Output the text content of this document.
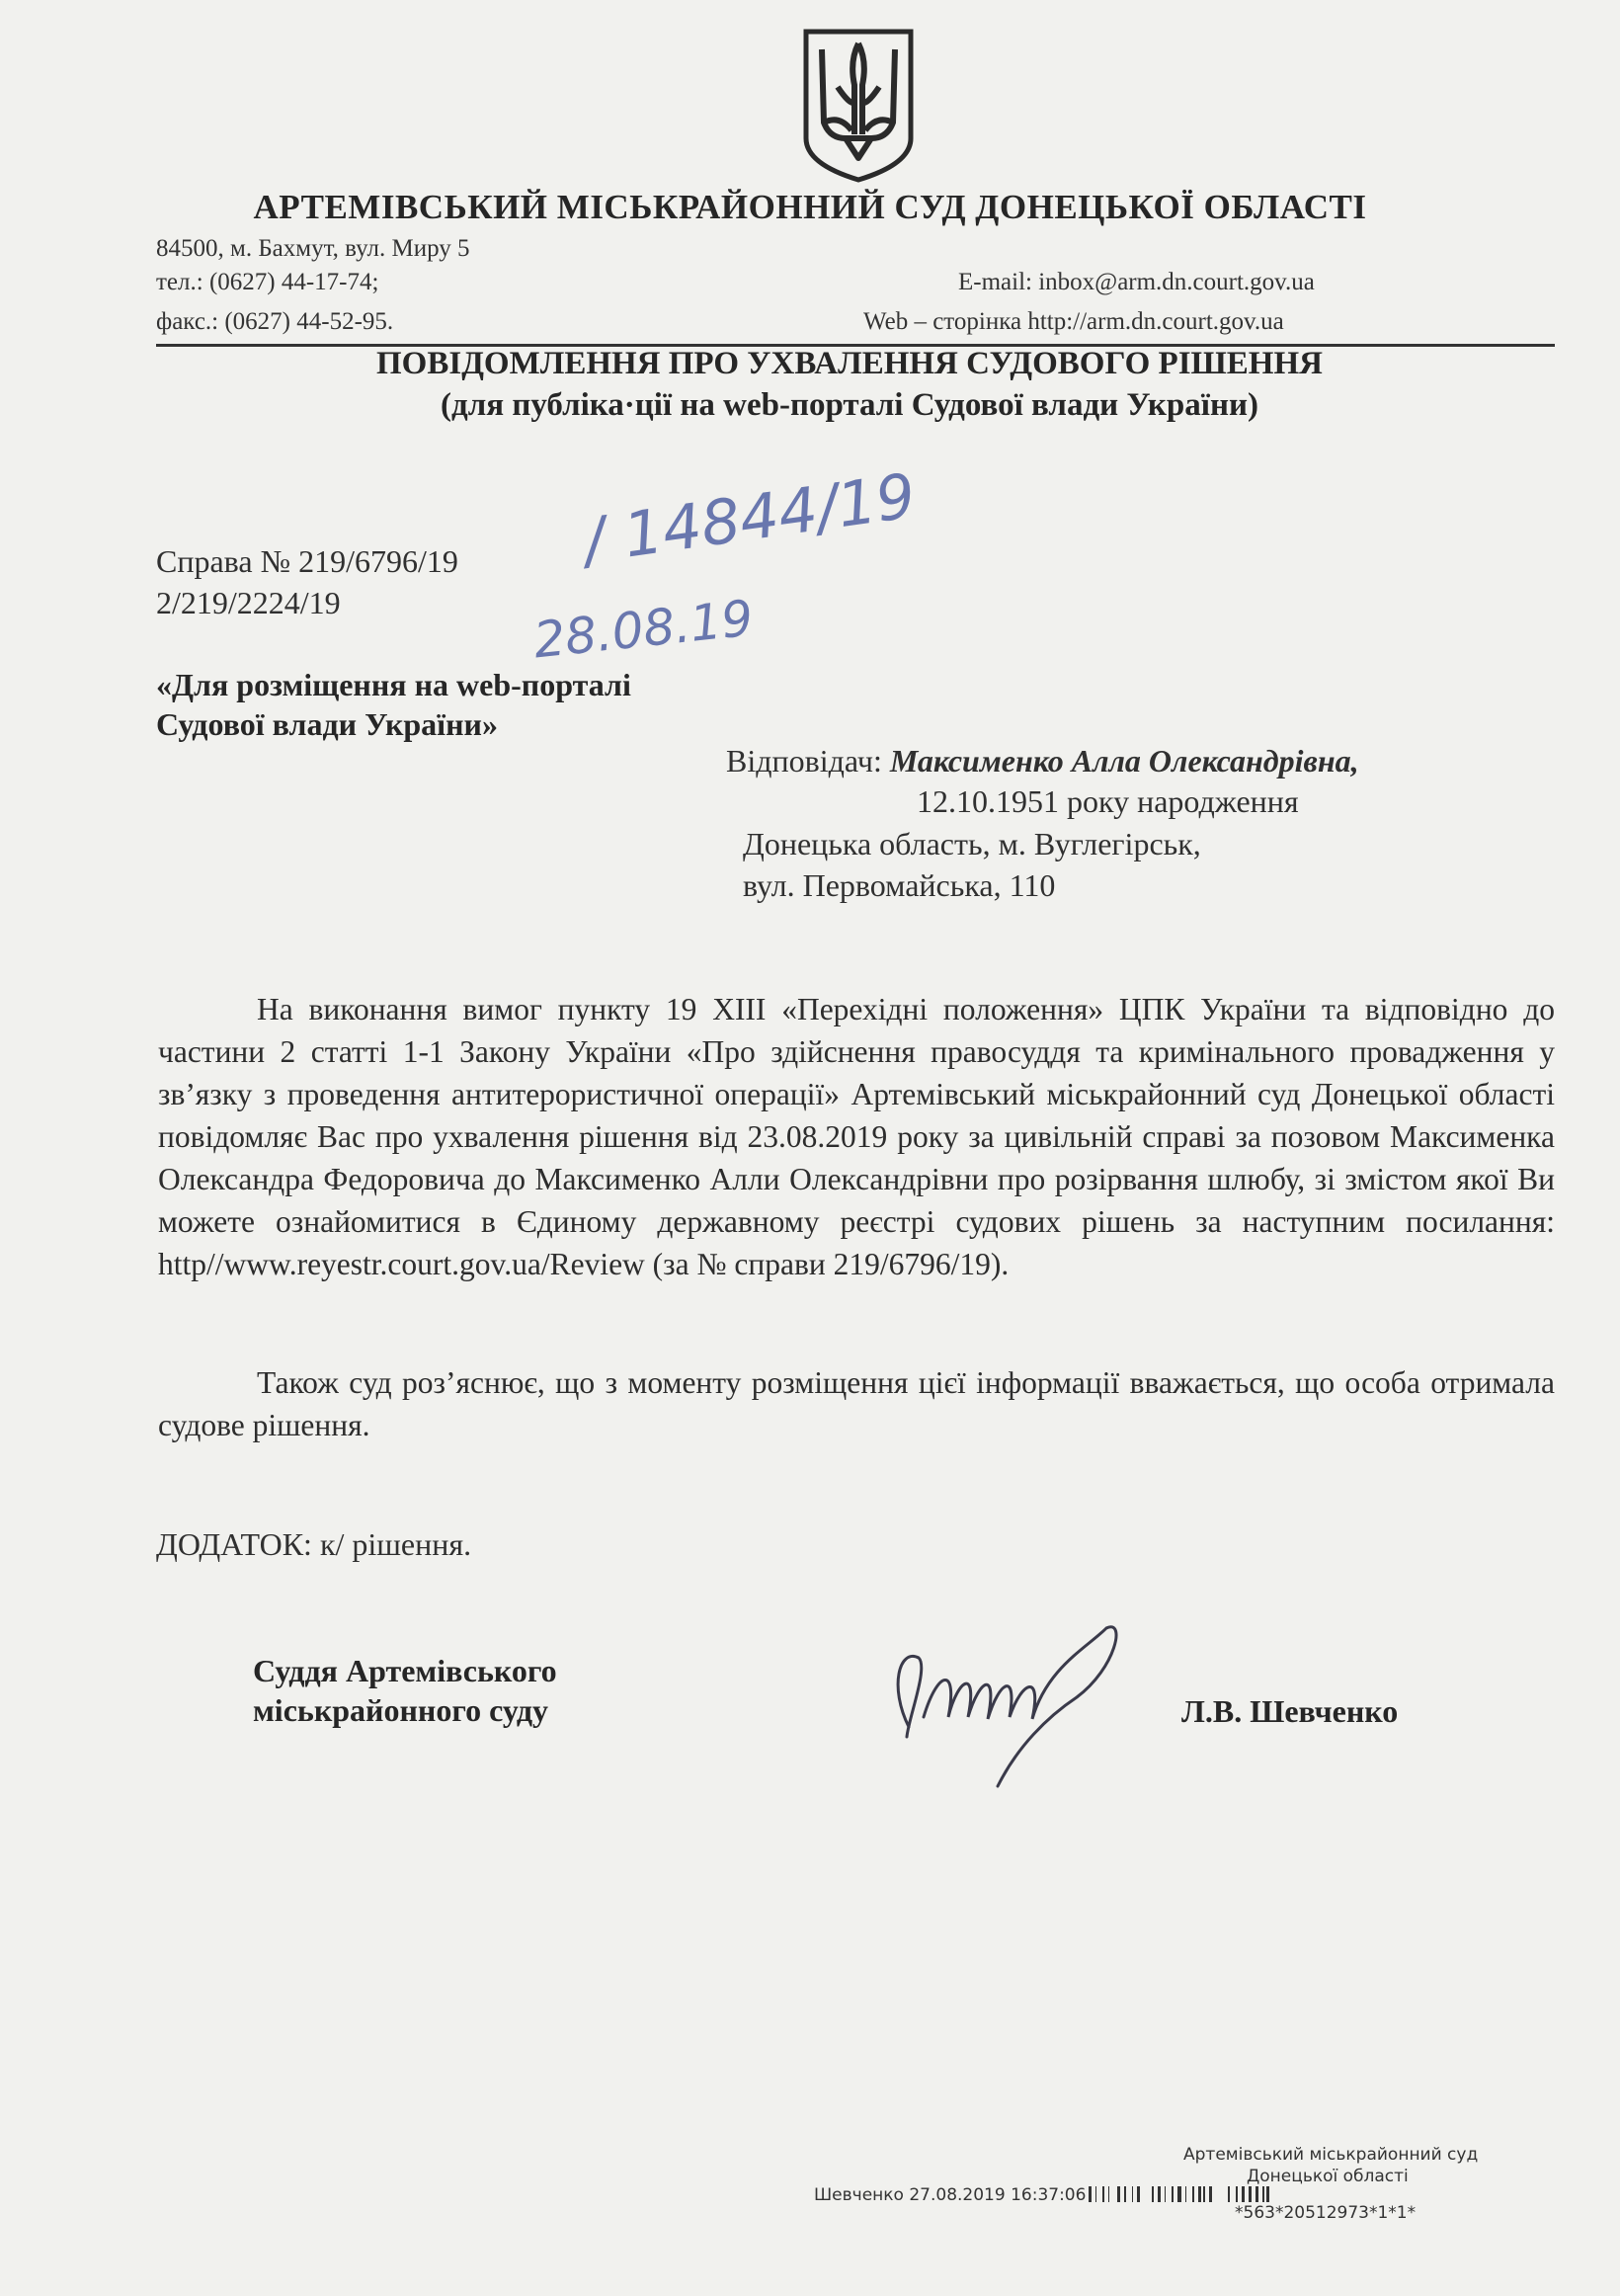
АРТЕМІВСЬКИЙ МІСЬКРАЙОННИЙ СУД ДОНЕЦЬКОЇ ОБЛАСТІ
84500, м. Бахмут, вул. Миру 5
тел.: (0627) 44-17-74;
факс.: (0627) 44-52-95.
E-mail: inbox@arm.dn.court.gov.ua
Web – сторінка http://arm.dn.court.gov.ua
ПОВІДОМЛЕННЯ ПРО УХВАЛЕННЯ СУДОВОГО РІШЕННЯ
(для публіка·ції на web-порталі Судової влади України)
Справа № 219/6796/19
2/219/2224/19
/ 14844/19
28.08.19
«Для розміщення на web-порталі
Судової влади України»
Відповідач: Максименко Алла Олександрівна,
12.10.1951 року народження
Донецька область, м. Вуглегірськ,
вул. Первомайська, 110
На виконання вимог пункту 19 ХІІІ «Перехідні положення» ЦПК України та відповідно до частини 2 статті 1-1 Закону України «Про здійснення правосуддя та кримінального провадження у зв’язку з проведення антитерористичної операції» Артемівський міськрайонний суд Донецької області повідомляє Вас про ухвалення рішення від 23.08.2019 року за цивільній справі за позовом Максименка Олександра Федоровича до Максименко Алли Олександрівни про розірвання шлюбу, зі змістом якої Ви можете ознайомитися в Єдиному державному реєстрі судових рішень за наступним посилання: http//www.reyestr.court.gov.ua/Review (за № справи 219/6796/19).
Також суд роз’яснює, що з моменту розміщення цієї інформації вважається, що особа отримала судове рішення.
ДОДАТОК: к/ рішення.
Суддя Артемівського
міськрайонного суду	Л.В. Шевченко
Артемівський міськрайонний суд
Донецької області
Шевченко 27.08.2019 16:37:06
*563*20512973*1*1*
